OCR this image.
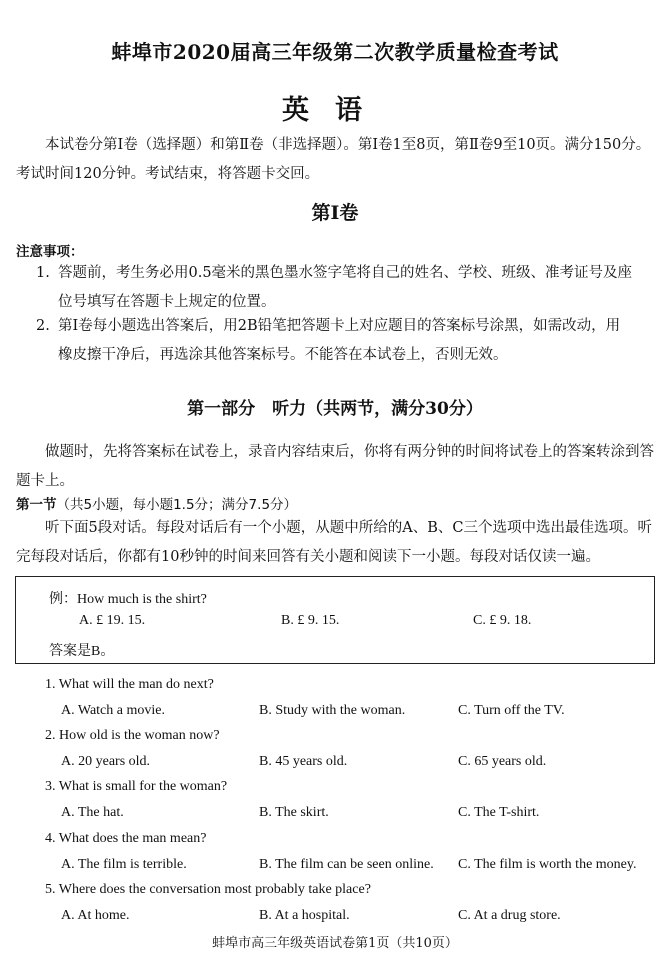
蚌埠市2020届高三年级第二次教学质量检查考试
英语
本试卷分第Ⅰ卷（选择题）和第Ⅱ卷（非选择题）。第Ⅰ卷1至8页，第Ⅱ卷9至10页。满分150分。考试时间120分钟。考试结束，将答题卡交回。
第Ⅰ卷
注意事项：
1. 答题前，考生务必用0.5毫米的黑色墨水签字笔将自己的姓名、学校、班级、准考证号及座
位号填写在答题卡上规定的位置。
2. 第Ⅰ卷每小题选出答案后，用2B铅笔把答题卡上对应题目的答案标号涂黑，如需改动，用
橡皮擦干净后，再选涂其他答案标号。不能答在本试卷上，否则无效。
第一部分　听力（共两节，满分30分）
做题时，先将答案标在试卷上，录音内容结束后，你将有两分钟的时间将试卷上的答案转涂到答题卡上。
第一节（共5小题，每小题1.5分；满分7.5分）
听下面5段对话。每段对话后有一个小题，从题中所给的A、B、C三个选项中选出最佳选项。听完每段对话后，你都有10秒钟的时间来回答有关小题和阅读下一小题。每段对话仅读一遍。
例：How much is the shirt?
A. £ 19. 15.	B. £ 9. 15.	C. £ 9. 18.
答案是B。
1. What will the man do next?
A. Watch a movie.	B. Study with the woman.	C. Turn off the TV.
2. How old is the woman now?
A. 20 years old.	B. 45 years old.	C. 65 years old.
3. What is small for the woman?
A. The hat.	B. The skirt.	C. The T-shirt.
4. What does the man mean?
A. The film is terrible.	B. The film can be seen online. C. The film is worth the money.
5. Where does the conversation most probably take place?
A. At home.	B. At a hospital.	C. At a drug store.
蚌埠市高三年级英语试卷第1页（共10页）
